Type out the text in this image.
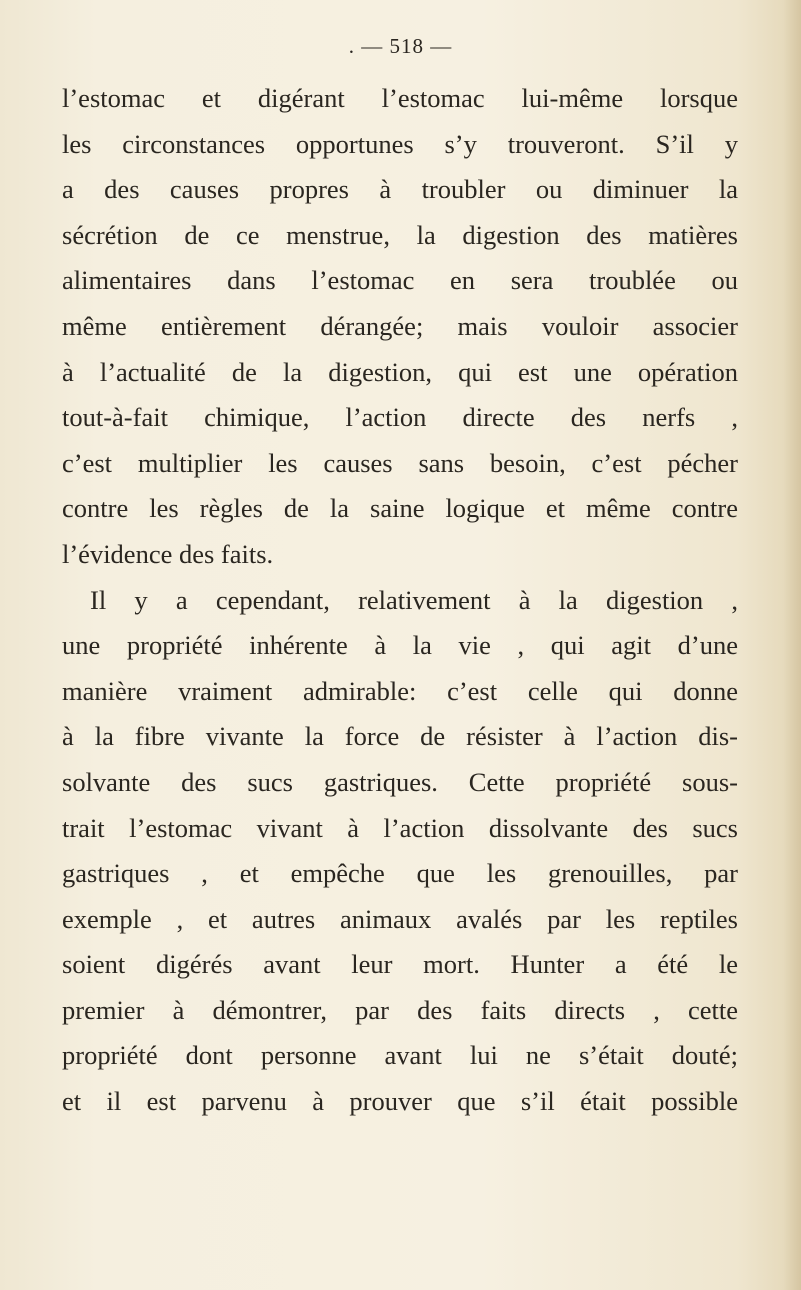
. — 518 —
l’estomac et digérant l’estomac lui-même lorsque
les circonstances opportunes s’y trouveront. S’il y
a des causes propres à troubler ou diminuer la
sécrétion de ce menstrue, la digestion des matières
alimentaires dans l’estomac en sera troublée ou
même entièrement dérangée; mais vouloir associer
à l’actualité de la digestion, qui est une opération
tout-à-fait chimique, l’action directe des nerfs ,
c’est multiplier les causes sans besoin, c’est pécher
contre les règles de la saine logique et même contre
l’évidence des faits.
Il y a cependant, relativement à la digestion ,
une propriété inhérente à la vie , qui agit d’une
manière vraiment admirable: c’est celle qui donne
à la fibre vivante la force de résister à l’action dis-
solvante des sucs gastriques. Cette propriété sous-
trait l’estomac vivant à l’action dissolvante des sucs
gastriques , et empêche que les grenouilles, par
exemple , et autres animaux avalés par les reptiles
soient digérés avant leur mort. Hunter a été le
premier à démontrer, par des faits directs , cette
propriété dont personne avant lui ne s’était douté;
et il est parvenu à prouver que s’il était possible
